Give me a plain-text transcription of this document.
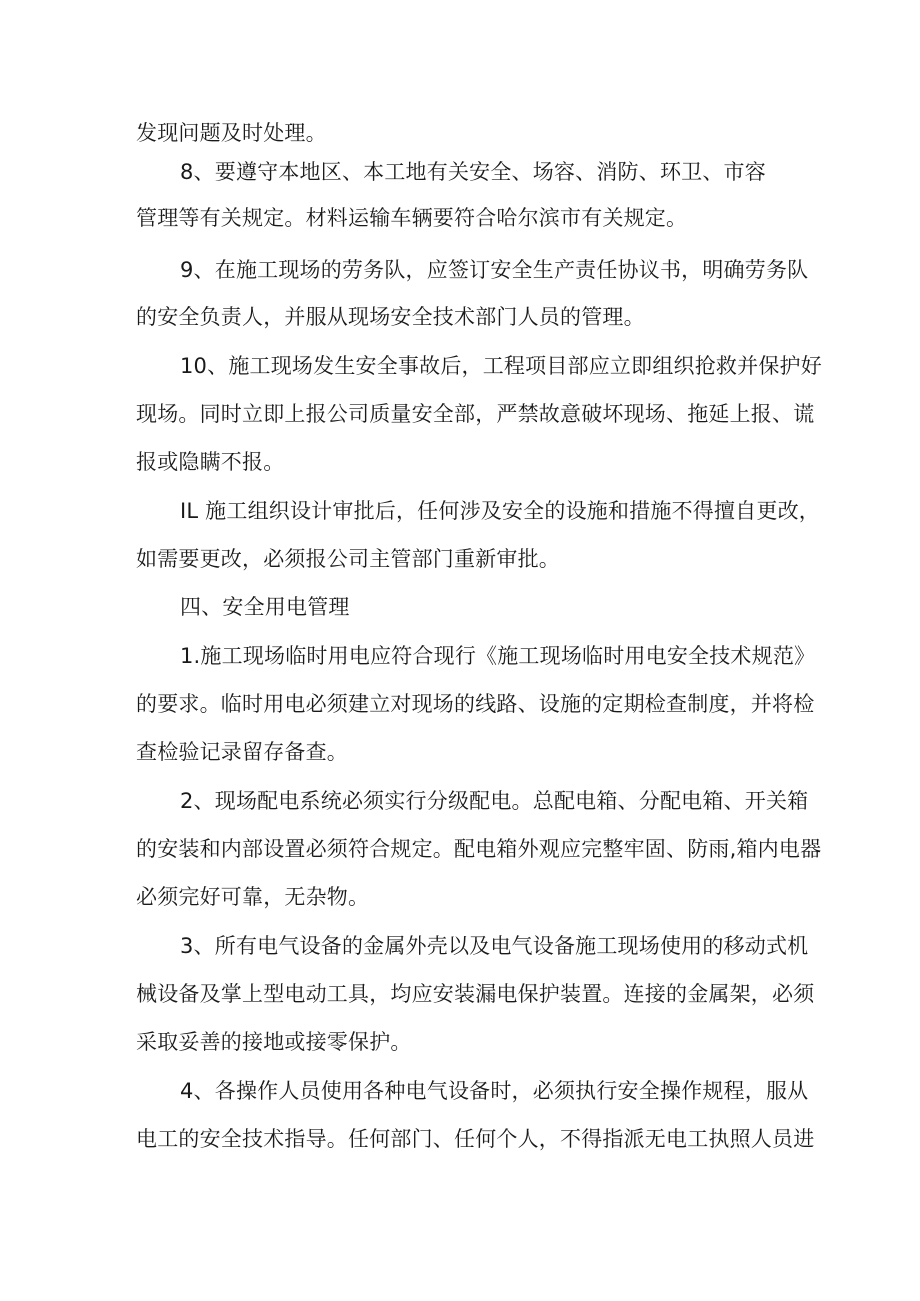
发现问题及时处理。
8、要遵守本地区、本工地有关安全、场容、消防、环卫、市容
管理等有关规定。材料运输车辆要符合哈尔滨市有关规定。
9、在施工现场的劳务队，应签订安全生产责任协议书，明确劳务队
的安全负责人，并服从现场安全技术部门人员的管理。
10、施工现场发生安全事故后，工程项目部应立即组织抢救并保护好
现场。同时立即上报公司质量安全部，严禁故意破坏现场、拖延上报、谎
报或隐瞒不报。
IL 施工组织设计审批后，任何涉及安全的设施和措施不得擅自更改，
如需要更改，必须报公司主管部门重新审批。
四、安全用电管理
1.施工现场临时用电应符合现行《施工现场临时用电安全技术规范》
的要求。临时用电必须建立对现场的线路、设施的定期检查制度，并将检
查检验记录留存备查。
2、现场配电系统必须实行分级配电。总配电箱、分配电箱、开关箱
的安装和内部设置必须符合规定。配电箱外观应完整牢固、防雨,箱内电器
必须完好可靠，无杂物。
3、所有电气设备的金属外壳以及电气设备施工现场使用的移动式机
械设备及掌上型电动工具，均应安装漏电保护装置。连接的金属架，必须
采取妥善的接地或接零保护。
4、各操作人员使用各种电气设备时，必须执行安全操作规程，服从
电工的安全技术指导。任何部门、任何个人，不得指派无电工执照人员进
